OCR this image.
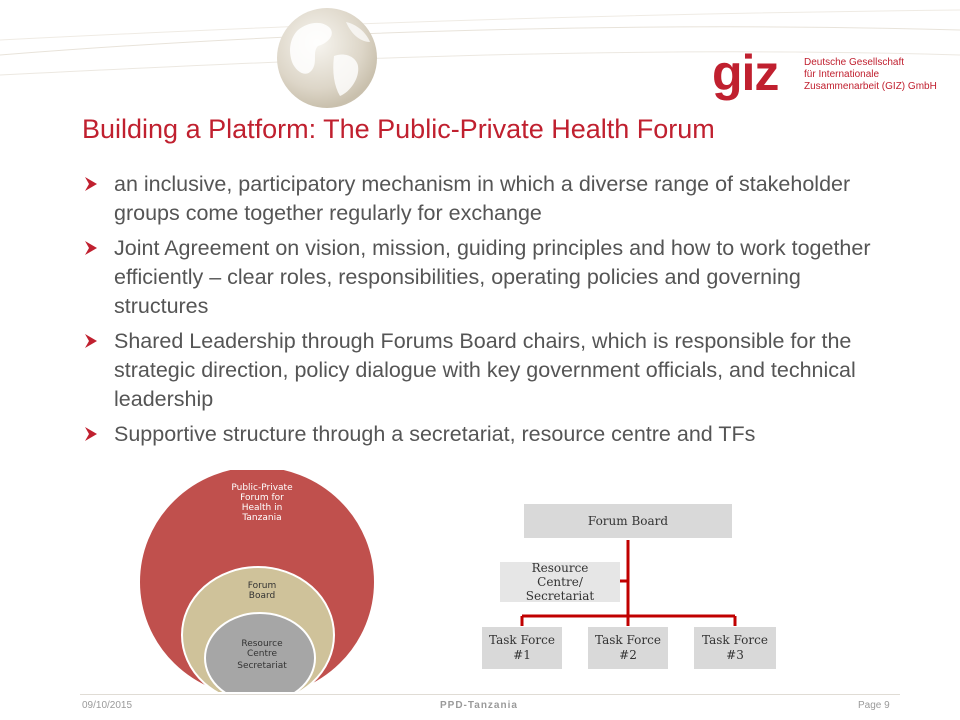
giz	Deutsche Gesellschaft
für Internationale
Zusammenarbeit (GIZ) GmbH
Building a Platform: The Public-Private Health Forum
an inclusive, participatory mechanism in which a diverse range of stakeholder groups come together regularly for exchange
Joint Agreement on vision, mission, guiding principles and how to work together efficiently – clear roles, responsibilities, operating policies and governing structures
Shared Leadership through Forums Board chairs, which is responsible for the strategic direction, policy dialogue with key government officials, and technical leadership
Supportive structure through a secretariat, resource centre and TFs
Public-Private
Forum for
Health in
Tanzania
Forum
Board
Resource
Centre
Secretariat
Forum Board
Resource
Centre/
Secretariat
Task Force
#1
Task Force
#2
Task Force
#3
09/10/2015	PPD-Tanzania	Page 9
